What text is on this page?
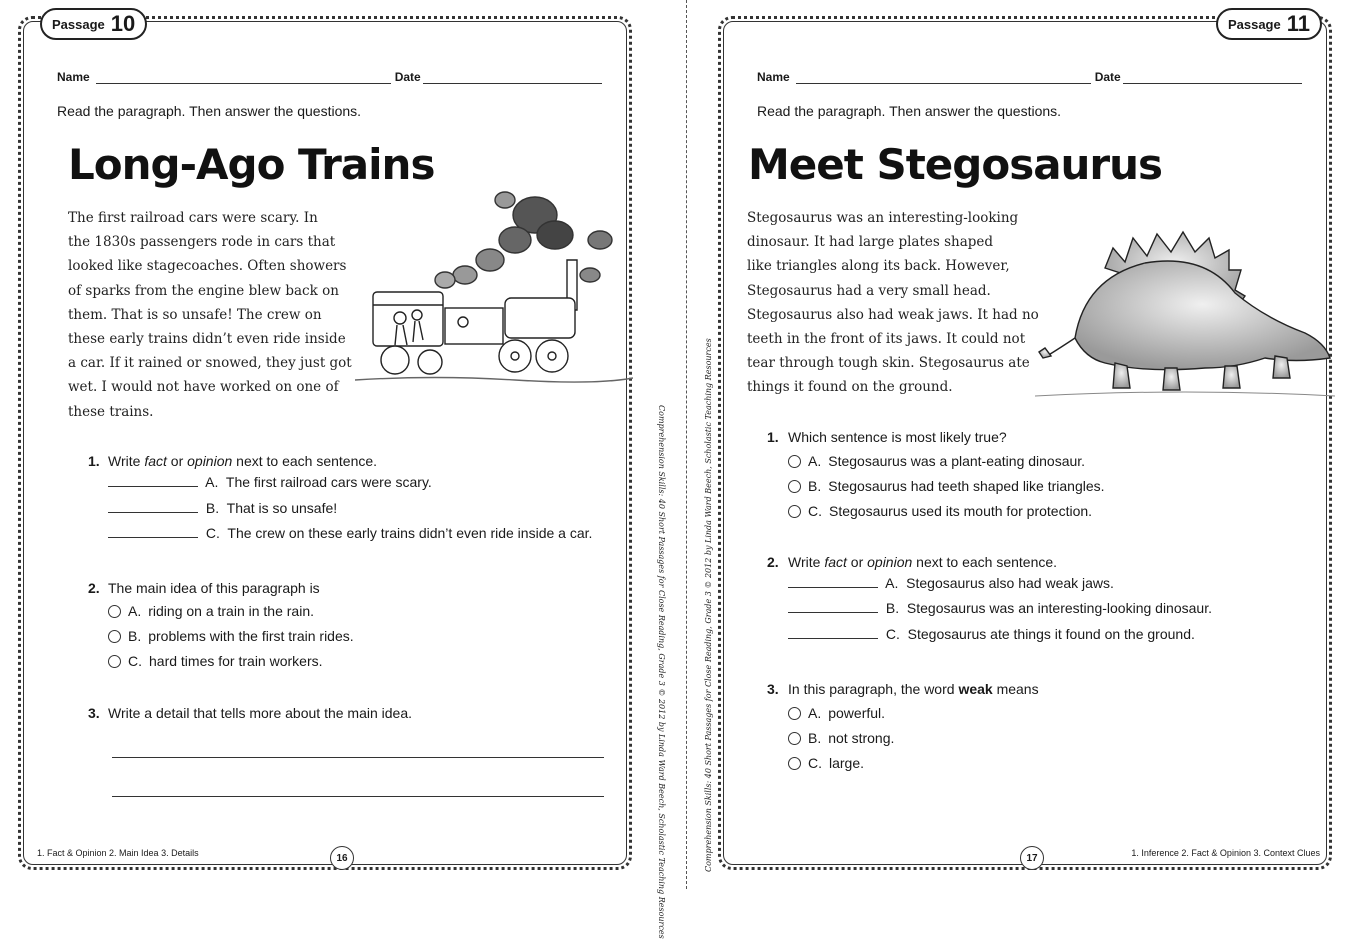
Passage 10
Name	Date
Read the paragraph. Then answer the questions.
Long-Ago Trains
The first railroad cars were scary. In
the 1830s passengers rode in cars that
looked like stagecoaches. Often showers
of sparks from the engine blew back on
them. That is so unsafe! The crew on
these early trains didn’t even ride inside
a car. If it rained or snowed, they just got
wet. I would not have worked on one of
these trains.
1. Write fact or opinion next to each sentence.
A. The first railroad cars were scary.
B. That is so unsafe!
C. The crew on these early trains didn’t even ride inside a car.
2. The main idea of this paragraph is
A. riding on a train in the rain.
B. problems with the first train rides.
C. hard times for train workers.
3. Write a detail that tells more about the main idea.
1. Fact & Opinion 2. Main Idea 3. Details	16	Comprehension Skills: 40 Short Passages for Close Reading, Grade 3 © 2012 by Linda Ward Beech, Scholastic Teaching Resources	Comprehension Skills: 40 Short Passages for Close Reading, Grade 3 © 2012 by Linda Ward Beech, Scholastic Teaching Resources
Passage 11
Name	Date
Read the paragraph. Then answer the questions.
Meet Stegosaurus
Stegosaurus was an interesting-looking
dinosaur. It had large plates shaped
like triangles along its back. However,
Stegosaurus had a very small head.
Stegosaurus also had weak jaws. It had no
teeth in the front of its jaws. It could not
tear through tough skin. Stegosaurus ate
things it found on the ground.
1. Which sentence is most likely true?
A. Stegosaurus was a plant-eating dinosaur.
B. Stegosaurus had teeth shaped like triangles.
C. Stegosaurus used its mouth for protection.
2. Write fact or opinion next to each sentence.
A. Stegosaurus also had weak jaws.
B. Stegosaurus was an interesting-looking dinosaur.
C. Stegosaurus ate things it found on the ground.
3. In this paragraph, the word weak means
A. powerful.
B. not strong.
C. large.
1. Inference 2. Fact & Opinion 3. Context Clues
17
